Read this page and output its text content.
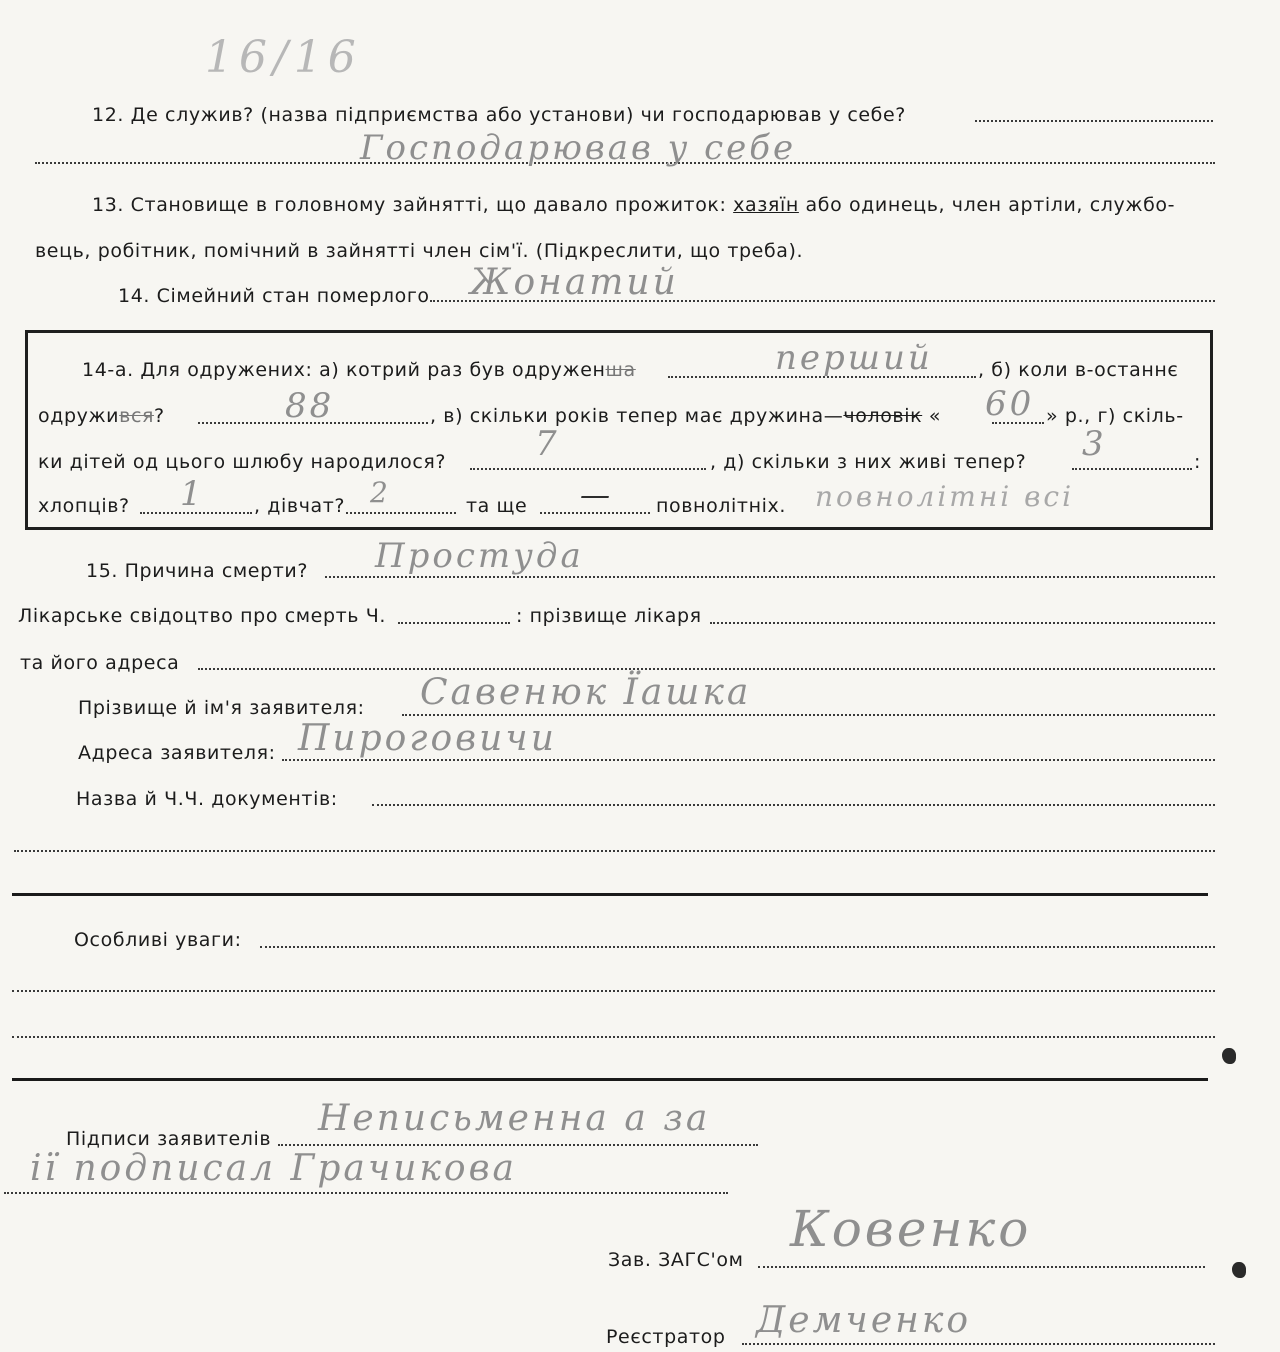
16/16
12. Де служив? (назва підприємства або установи) чи господарював у себе?
Господарював у себе
13. Становище в головному зайнятті, що давало прожиток: хазяїн або одинець, член артіли, службо-
вець, робітник, помічний в зайнятті член сім'ї. (Підкреслити, що треба).
14. Сімейний стан померлого Жонатий
14-а. Для одружених: а) котрий раз був одруженша	перший , б) коли в-останнє
одружився?	88	, в) скільки років тепер має дружина—чоловік « 60 » р., г) скіль-
ки дітей од цього шлюбу народилося?	7	, д) скільки з них живі тепер? 3	:
хлопців? 1	, дівчат? 2	та ще — повнолітніх. повнолітні всі
15. Причина смерти? Простуда
Лікарське свідоцтво про смерть Ч.	: прізвище лікаря
та його адреса
Прізвище й ім'я заявителя: Савенюк Їашка
Адреса заявителя: Пироговичи
Назва й Ч.Ч. документів:
Особливі уваги:
Підписи заявителів Неписьменна а за
ії подписал Грачикова
Зав. ЗАГС'ом
Ковенко
Реєстратор Демченко
